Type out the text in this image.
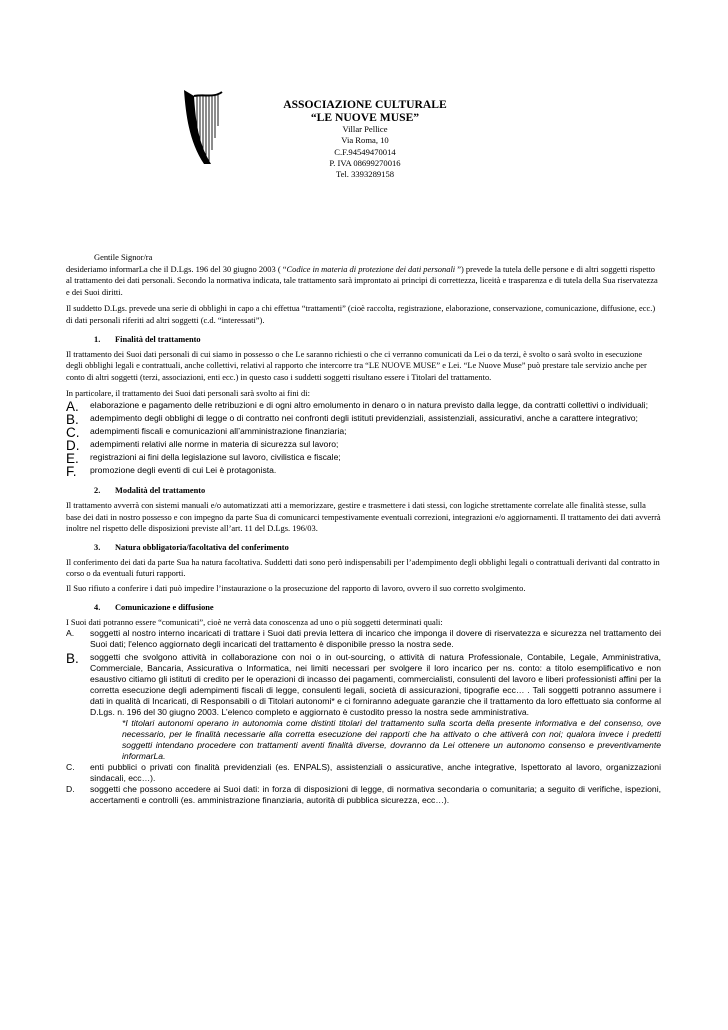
ASSOCIAZIONE CULTURALE
“LE NUOVE MUSE”
Villar Pellice
Via Roma, 10
C.F.94549470014
P. IVA 08699270016
Tel. 3393289158

Gentile Signor/ra

desideriamo informarLa che il D.Lgs. 196 del 30 giugno 2003 ( “Codice in materia di protezione dei dati personali ”) prevede la tutela delle persone e di altri soggetti rispetto al trattamento dei dati personali. Secondo la normativa indicata, tale trattamento sarà improntato ai principi di correttezza, liceità e trasparenza e di tutela della Sua riservatezza e dei Suoi diritti.

Il suddetto D.Lgs. prevede una serie di obblighi in capo a chi effettua “trattamenti” (cioè raccolta, registrazione, elaborazione, conservazione, comunicazione, diffusione, ecc.) di dati personali riferiti ad altri soggetti (c.d. “interessati”).

1. Finalità del trattamento

Il trattamento dei Suoi dati personali di cui siamo in possesso o che Le saranno richiesti o che ci verranno comunicati da Lei o da terzi, è svolto o sarà svolto in esecuzione degli obblighi legali e contrattuali, anche collettivi, relativi al rapporto che intercorre tra “LE NUOVE MUSE” e Lei. “Le Nuove Muse” può prestare tale servizio anche per conto di altri soggetti (terzi, associazioni, enti ecc.) in questo caso i suddetti soggetti risultano essere i Titolari del trattamento.

In particolare, il trattamento dei Suoi dati personali sarà svolto ai fini di:

A.	elaborazione e pagamento delle retribuzioni e di ogni altro emolumento in denaro o in natura previsto dalla legge, da contratti collettivi o individuali;
B.	adempimento degli obblighi di legge o di contratto nei confronti degli istituti previdenziali, assistenziali, assicurativi, anche a carattere integrativo;
C.	adempimenti fiscali e comunicazioni all’amministrazione finanziaria;
D.	adempimenti relativi alle norme in materia di sicurezza sul lavoro;
E.	registrazioni ai fini della legislazione sul lavoro, civilistica e fiscale;
F.	promozione degli eventi di cui Lei è protagonista.
2. Modalità del trattamento

Il trattamento avverrà con sistemi manuali e/o automatizzati atti a memorizzare, gestire e trasmettere i dati stessi, con logiche strettamente correlate alle finalità stesse, sulla base dei dati in nostro possesso e con impegno da parte Sua di comunicarci tempestivamente eventuali correzioni, integrazioni e/o aggiornamenti. Il trattamento dei dati avverrà inoltre nel rispetto delle disposizioni previste all’art. 11 del D.Lgs. 196/03.

3. Natura obbligatoria/facoltativa del conferimento

Il conferimento dei dati da parte Sua ha natura facoltativa. Suddetti dati sono però indispensabili per l’adempimento degli obblighi legali o contrattuali derivanti dal contratto in corso o da eventuali futuri rapporti.

Il Suo rifiuto a conferire i dati può impedire l’instaurazione o la prosecuzione del rapporto di lavoro, ovvero il suo corretto svolgimento.

4. Comunicazione e diffusione

I Suoi dati potranno essere “comunicati”, cioè ne verrà data conoscenza ad uno o più soggetti determinati quali:

A.	soggetti al nostro interno incaricati di trattare i Suoi dati previa lettera di incarico che imponga il dovere di riservatezza e sicurezza nel trattamento dei Suoi dati; l'elenco aggiornato degli incaricati del trattamento è disponibile presso la nostra sede.
B.	soggetti che svolgono attività in collaborazione con noi o in out-sourcing, o attività di natura Professionale, Contabile, Legale, Amministrativa, Commerciale, Bancaria, Assicurativa o Informatica, nei limiti necessari per svolgere il loro incarico per ns. conto: a titolo esemplificativo e non esaustivo citiamo gli istituti di credito per le operazioni di incasso dei pagamenti, commercialisti, consulenti del lavoro e liberi professionisti affini per la corretta esecuzione degli adempimenti fiscali di legge, consulenti legali, società di assicurazioni, tipografie ecc… . Tali soggetti potranno assumere i dati in qualità di Incaricati, di Responsabili o di Titolari autonomi* e ci forniranno adeguate garanzie che il trattamento da loro effettuato sia conforme al D.Lgs. n. 196 del 30 giugno 2003. L’elenco completo e aggiornato è custodito presso la nostra sede amministrativa.
*I titolari autonomi operano in autonomia come distinti titolari del trattamento sulla scorta della presente informativa e del consenso, ove necessario, per le finalità necessarie alla corretta esecuzione dei rapporti che ha attivato o che attiverà con noi; qualora invece i predetti soggetti intendano procedere con trattamenti aventi finalità diverse, dovranno da Lei ottenere un autonomo consenso e preventivamente informarLa.
C.	enti pubblici o privati con finalità previdenziali (es. ENPALS), assistenziali o assicurative, anche integrative, Ispettorato al lavoro, organizzazioni sindacali, ecc…).
D.	soggetti che possono accedere ai Suoi dati: in forza di disposizioni di legge, di normativa secondaria o comunitaria; a seguito di verifiche, ispezioni, accertamenti e controlli (es. amministrazione finanziaria, autorità di pubblica sicurezza, ecc…).
